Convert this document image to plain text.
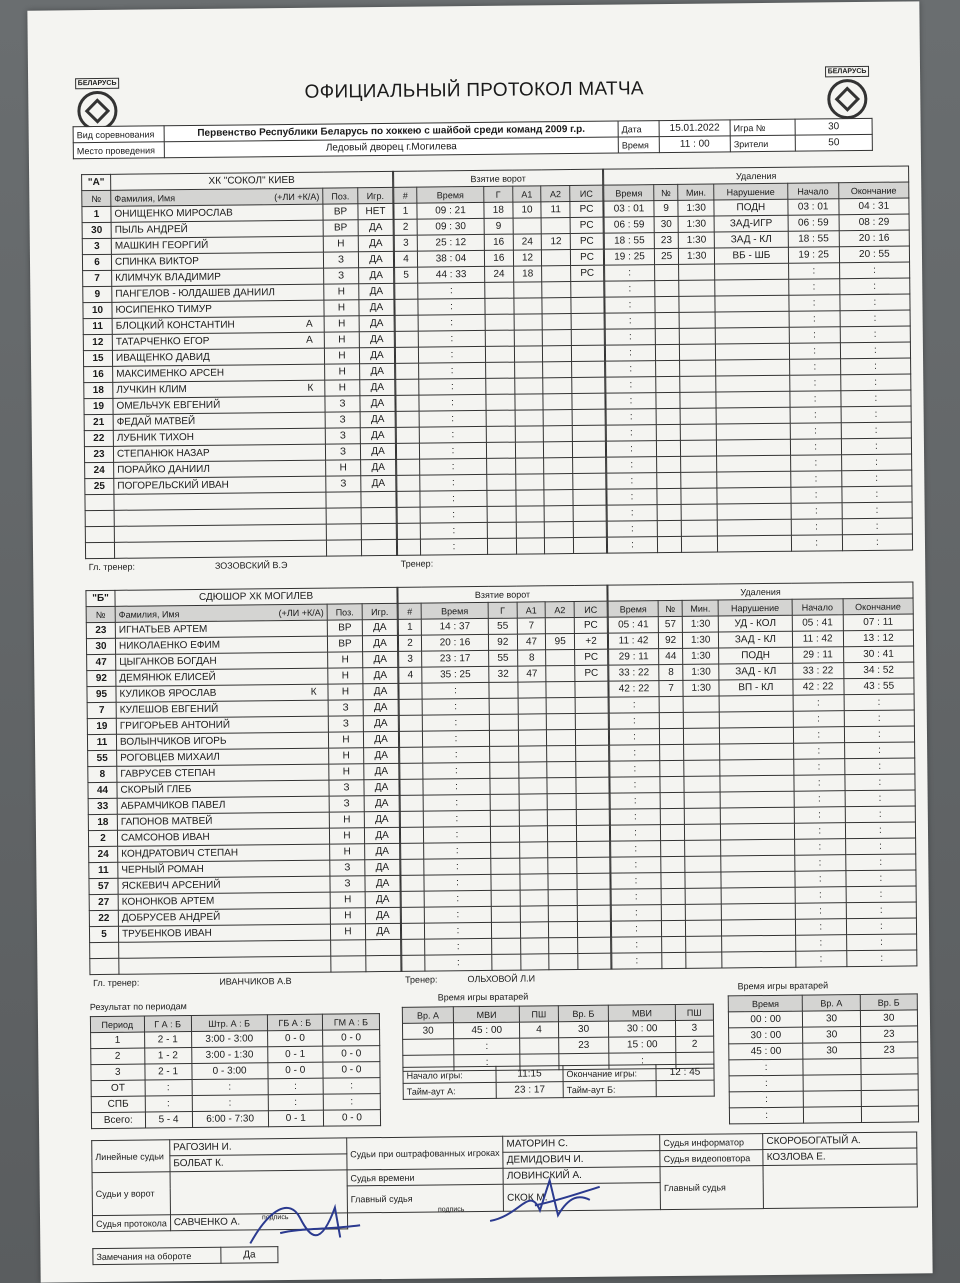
БЕЛАРУСЬ
БЕЛАРУСЬ
ОФИЦИАЛЬНЫЙ ПРОТОКОЛ МАТЧА
Вид соревнования	Первенство Республики Беларусь по хоккею с шайбой среди команд 2009 г.р.	Дата	15.01.2022	Игра №	30
Место проведения	Ледовый дворец г.Могилева	Время	11 : 00	Зрители	50
"А"	ХК "СОКОЛ" КИЕВ		
№	Фамилия, Имя (+ЛИ +К/А)	Поз.	Игр.
1	ОНИЩЕНКО МИРОСЛАВ	ВР	НЕТ
30	ПЫЛЬ АНДРЕЙ	ВР	ДА
3	МАШКИН ГЕОРГИЙ	Н	ДА
6	СПИНКА ВИКТОР	З	ДА
7	КЛИМЧУК ВЛАДИМИР	З	ДА
9	ПАНГЕЛОВ - ЮЛДАШЕВ ДАНИИЛ	Н	ДА
10	ЮСИПЕНКО ТИМУР	Н	ДА
11	БЛОЦКИЙ КОНСТАНТИН А	Н	ДА
12	ТАТАРЧЕНКО ЕГОР А	Н	ДА
15	ИВАЩЕНКО ДАВИД	Н	ДА
16	МАКСИМЕНКО АРСЕН	Н	ДА
18	ЛУЧКИН КЛИМ К	Н	ДА
19	ОМЕЛЬЧУК ЕВГЕНИЙ	З	ДА
21	ФЕДАЙ МАТВЕЙ	З	ДА
22	ЛУБНИК ТИХОН	З	ДА
23	СТЕПАНЮК НАЗАР	З	ДА
24	ПОРАЙКО ДАНИИЛ	Н	ДА
25	ПОГОРЕЛЬСКИЙ ИВАН	З	ДА

Гл. тренер: ЗОЗОВСКИЙ В.Э			
Взятие ворот					
#	Время	Г	А1	А2	ИС
1	09 : 21	18	10	11	РС
2	09 : 30	9			РС
3	25 : 12	16	24	12	РС
4	38 : 04	16	12		РС
5	44 : 33	24	18		РС
	:				
	:				
	:				
	:				
	:				
	:				
	:				
	:				
	:				
	:				
	:				
	:				
	:				
	:				
	:				
	:				
	:				
Тренер:					
Удаления					
Время	№	Мин.	Нарушение	Начало	Окончание
03 : 01	9	1:30	ПОДН	03 : 01	04 : 31
06 : 59	30	1:30	ЗАД-ИГР	06 : 59	08 : 29
18 : 55	23	1:30	ЗАД - КЛ	18 : 55	20 : 16
19 : 25	25	1:30	ВБ - ШБ	19 : 25	20 : 55
:				:	:
:				:	:
:				:	:
:				:	:
:				:	:
:				:	:
:				:	:
:				:	:
:				:	:
:				:	:
:				:	:
:				:	:
:				:	:
:				:	:
:				:	:
:				:	:
:				:	:
:				:	:
"Б"	СДЮШОР ХК МОГИЛЕВ		
№	Фамилия, Имя (+ЛИ +К/А)	Поз.	Игр.
23	ИГНАТЬЕВ АРТЕМ	ВР	ДА
30	НИКОЛАЕНКО ЕФИМ	ВР	ДА
47	ЦЫГАНКОВ БОГДАН	Н	ДА
92	ДЕМЯНЮК ЕЛИСЕЙ	Н	ДА
95	КУЛИКОВ ЯРОСЛАВ К	Н	ДА
7	КУЛЕШОВ ЕВГЕНИЙ	З	ДА
19	ГРИГОРЬЕВ АНТОНИЙ	З	ДА
11	ВОЛЫНЧИКОВ ИГОРЬ	Н	ДА
55	РОГОВЦЕВ МИХАИЛ	Н	ДА
8	ГАВРУСЕВ СТЕПАН	Н	ДА
44	СКОРЫЙ ГЛЕБ	З	ДА
33	АБРАМЧИКОВ ПАВЕЛ	З	ДА
18	ГАПОНОВ МАТВЕЙ	Н	ДА
2	САМСОНОВ ИВАН	Н	ДА
24	КОНДРАТОВИЧ СТЕПАН	Н	ДА
11	ЧЕРНЫЙ РОМАН	З	ДА
57	ЯСКЕВИЧ АРСЕНИЙ	З	ДА
27	КОНОНКОВ АРТЕМ	Н	ДА
22	ДОБРУСЕВ АНДРЕЙ	Н	ДА
5	ТРУБЕНКОВ ИВАН	Н	ДА

Гл. тренер: ИВАНЧИКОВ А.В			
Взятие ворот					
#	Время	Г	А1	А2	ИС
1	14 : 37	55	7		РС
2	20 : 16	92	47	95	+2
3	23 : 17	55	8		РС
4	35 : 25	32	47		РС
	:				
	:				
	:				
	:				
	:				
	:				
	:				
	:				
	:				
	:				
	:				
	:				
	:				
	:				
	:				
	:				
	:				
	:				
Тренер: ОЛЬХОВОЙ Л.И					
Удаления					
Время	№	Мин.	Нарушение	Начало	Окончание
05 : 41	57	1:30	УД - КОЛ	05 : 41	07 : 11
11 : 42	92	1:30	ЗАД - КЛ	11 : 42	13 : 12
29 : 11	44	1:30	ПОДН	29 : 11	30 : 41
33 : 22	8	1:30	ЗАД - КЛ	33 : 22	34 : 52
42 : 22	7	1:30	ВП - КЛ	42 : 22	43 : 55
:				:	:
:				:	:
:				:	:
:				:	:
:				:	:
:				:	:
:				:	:
:				:	:
:				:	:
:				:	:
:				:	:
:				:	:
:				:	:
:				:	:
:				:	:
:				:	:
:				:	:
Результат по периодам
Период	Г А : Б	Штр. А : Б	ГБ А : Б	ГМ А : Б
1	2 - 1	3:00 - 3:00	0 - 0	0 - 0
2	1 - 2	3:00 - 1:30	0 - 1	0 - 0
3	2 - 1	0 - 3:00	0 - 0	0 - 0
ОТ	:	:	:	:
СПБ	:	:	:	:
Всего:	5 - 4	6:00 - 7:30	0 - 1	0 - 0
Время игры вратарей
Вр. А	МВИ	ПШ	Вр. Б	МВИ	ПШ
30	45 : 00	4	30	30 : 00	3
	:		23	15 : 00	2
	:			:	
Начало игры:	11:15	Окончание игры:	12 : 45
Тайм-аут А:	23 : 17	Тайм-аут Б:	
Время игры вратарей
Время	Вр. А	Вр. Б
00 : 00	30	30
30 : 00	30	23
45 : 00	30	23
:		
:		
:		
:		
Линейные судьи	РАГОЗИН И.	Судьи при оштрафованных игроках	МАТОРИН С.	Судья информатор	СКОРОБОГАТЫЙ А.
	БОЛБАТ К.		ДЕМИДОВИЧ И.	Судья видеоповтора	КОЗЛОВА Е.
Судьи у ворот		Судья времени	ЛОВИНСКИЙ А.	Главный судья	
		Главный судья	СКОК М.		
Судья протокола	САВЧЕНКО А.					подпись
подпись
Замечания на обороте	Да
